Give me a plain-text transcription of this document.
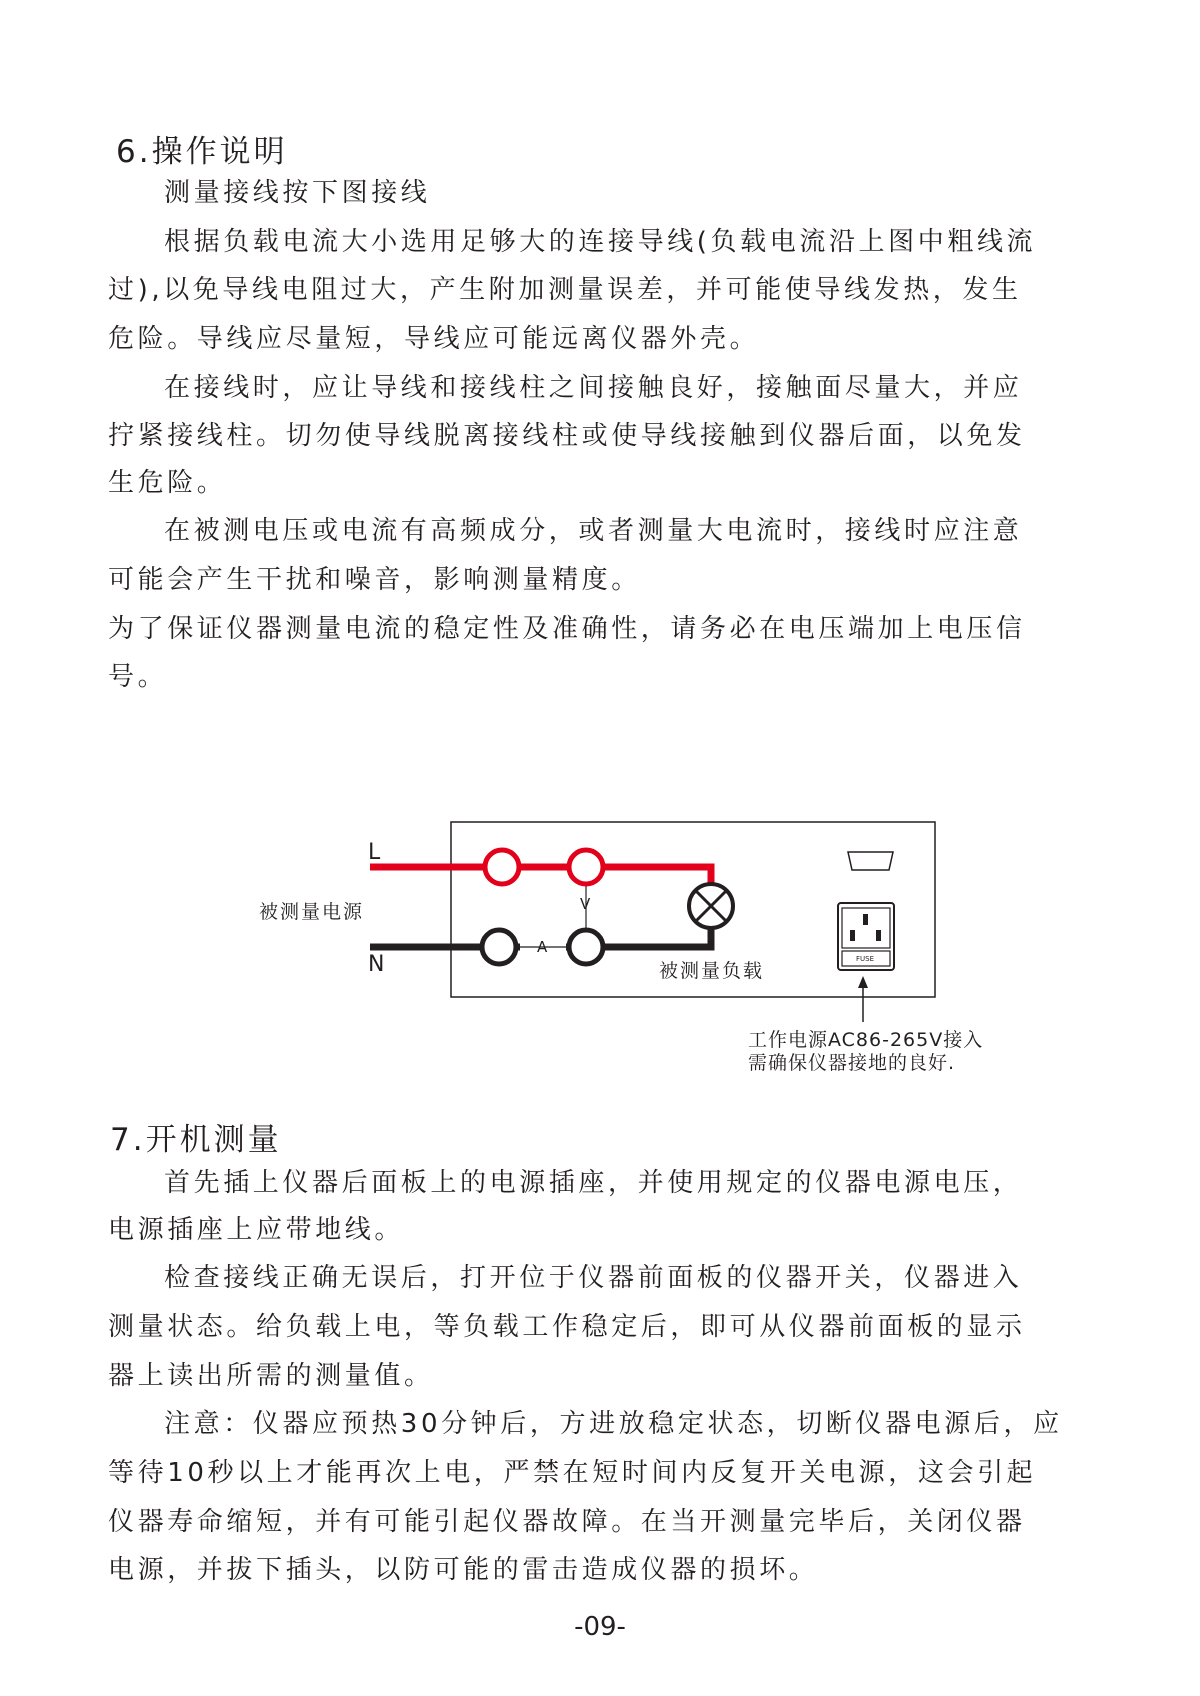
6.操作说明
测量接线按下图接线
根据负载电流大小选用足够大的连接导线(负载电流沿上图中粗线流
过),以免导线电阻过大，产生附加测量误差，并可能使导线发热，发生
危险。导线应尽量短，导线应可能远离仪器外壳。
在接线时，应让导线和接线柱之间接触良好，接触面尽量大，并应
拧紧接线柱。切勿使导线脱离接线柱或使导线接触到仪器后面，以免发
生危险。
在被测电压或电流有高频成分，或者测量大电流时，接线时应注意
可能会产生干扰和噪音，影响测量精度。
为了保证仪器测量电流的稳定性及准确性，请务必在电压端加上电压信
号。
L
N
被测量电源	V
A
被测量负载
FUSE
工作电源AC86-265V接入
需确保仪器接地的良好.
7.开机测量
首先插上仪器后面板上的电源插座，并使用规定的仪器电源电压，
电源插座上应带地线。
检查接线正确无误后，打开位于仪器前面板的仪器开关，仪器进入
测量状态。给负载上电，等负载工作稳定后，即可从仪器前面板的显示
器上读出所需的测量值。
注意：仪器应预热30分钟后，方进放稳定状态，切断仪器电源后，应
等待10秒以上才能再次上电，严禁在短时间内反复开关电源，这会引起
仪器寿命缩短，并有可能引起仪器故障。在当开测量完毕后，关闭仪器
电源，并拔下插头，以防可能的雷击造成仪器的损坏。
-09-
